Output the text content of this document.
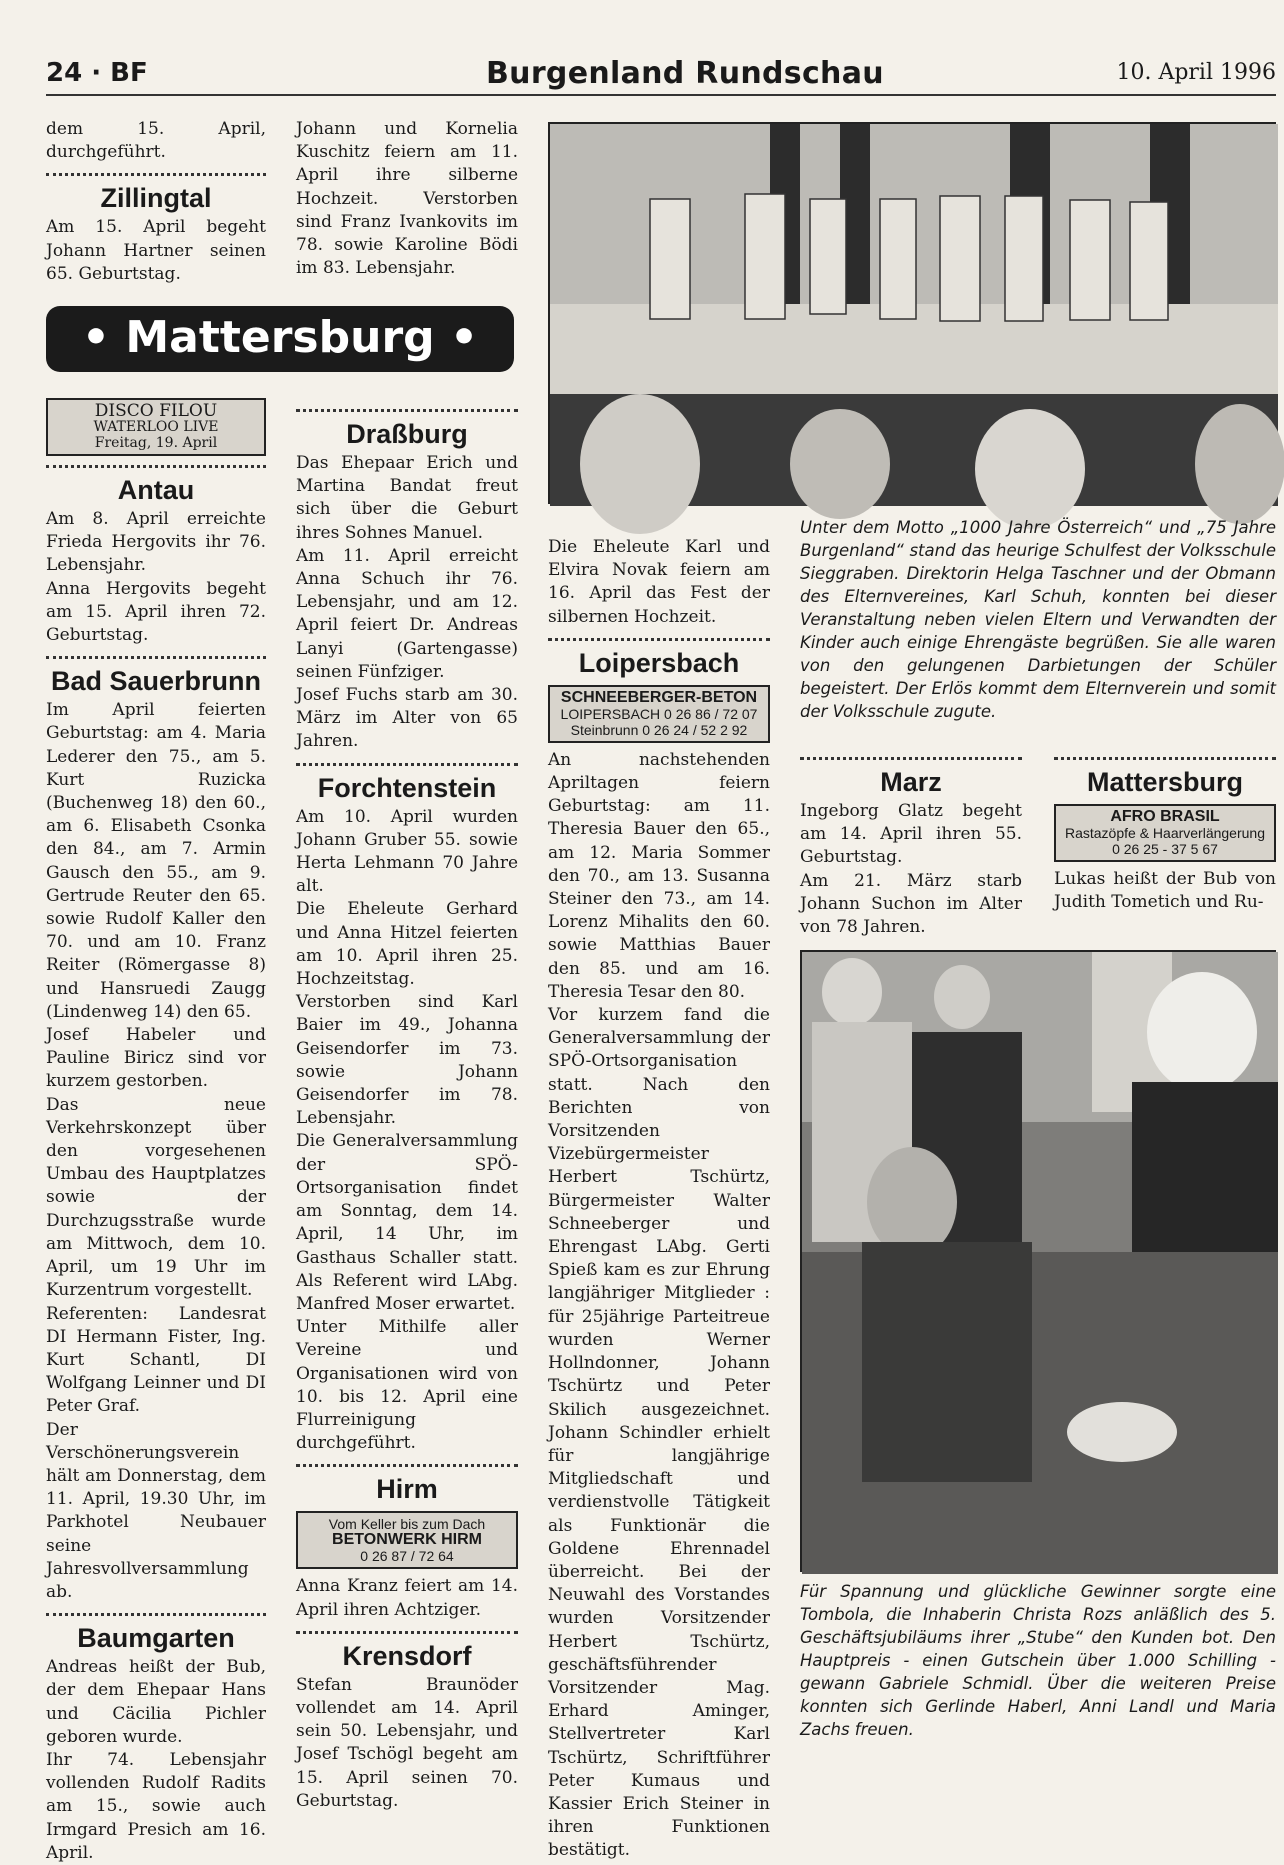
24 · BF	Burgenland Rundschau	10. April 1996

dem 15. April, durchgeführt.

Zillingtal

Am 15. April begeht Johann Hartner seinen 65. Geburtstag.

Johann und Kornelia Kuschitz feiern am 11. April ihre silberne Hochzeit. Verstorben sind Franz Ivankovits im 78. sowie Karoline Bödi im 83. Lebensjahr.

• Mattersburg •
DISCO FILOU
WATERLOO LIVE
Freitag, 19. April
Antau

Am 8. April erreichte Frieda Hergovits ihr 76. Lebensjahr.

Anna Hergovits begeht am 15. April ihren 72. Geburtstag.

Bad Sauerbrunn

Im April feierten Geburtstag: am 4. Maria Lederer den 75., am 5. Kurt Ruzicka (Buchenweg 18) den 60., am 6. Elisabeth Csonka den 84., am 7. Armin Gausch den 55., am 9. Gertrude Reuter den 65. sowie Rudolf Kaller den 70. und am 10. Franz Reiter (Römergasse 8) und Hansruedi Zaugg (Lindenweg 14) den 65.

Josef Habeler und Pauline Biricz sind vor kurzem gestorben.

Das neue Verkehrskonzept über den vorgesehenen Umbau des Hauptplatzes sowie der Durchzugsstraße wurde am Mittwoch, dem 10. April, um 19 Uhr im Kurzentrum vorgestellt.

Referenten: Landesrat DI Hermann Fister, Ing. Kurt Schantl, DI Wolfgang Leinner und DI Peter Graf.

Der Verschönerungsverein hält am Donnerstag, dem 11. April, 19.30 Uhr, im Parkhotel Neubauer seine Jahresvollversammlung ab.

Baumgarten

Andreas heißt der Bub, der dem Ehepaar Hans und Cäcilia Pichler geboren wurde.

Ihr 74. Lebensjahr vollenden Rudolf Radits am 15., sowie auch Irmgard Presich am 16. April.

Draßburg

Das Ehepaar Erich und Martina Bandat freut sich über die Geburt ihres Sohnes Manuel.

Am 11. April erreicht Anna Schuch ihr 76. Lebensjahr, und am 12. April feiert Dr. Andreas Lanyi (Gartengasse) seinen Fünfziger.

Josef Fuchs starb am 30. März im Alter von 65 Jahren.

Forchtenstein

Am 10. April wurden Johann Gruber 55. sowie Herta Lehmann 70 Jahre alt.

Die Eheleute Gerhard und Anna Hitzel feierten am 10. April ihren 25. Hochzeitstag.

Verstorben sind Karl Baier im 49., Johanna Geisendorfer im 73. sowie Johann Geisendorfer im 78. Lebensjahr.

Die Generalversammlung der SPÖ-Ortsorganisation findet am Sonntag, dem 14. April, 14 Uhr, im Gasthaus Schaller statt. Als Referent wird LAbg. Manfred Moser erwartet.

Unter Mithilfe aller Vereine und Organisationen wird von 10. bis 12. April eine Flurreinigung durchgeführt.

Hirm
Vom Keller bis zum Dach
BETONWERK HIRM
0 26 87 / 72 64

Anna Kranz feiert am 14. April ihren Achtziger.

Krensdorf

Stefan Braunöder vollendet am 14. April sein 50. Lebensjahr, und Josef Tschögl begeht am 15. April seinen 70. Geburtstag.

Unter dem Motto „1000 Jahre Österreich“ und „75 Jahre Burgenland“ stand das heurige Schulfest der Volksschule Sieggraben. Direktorin Helga Taschner und der Obmann des Elternvereines, Karl Schuh, konnten bei dieser Veranstaltung neben vielen Eltern und Verwandten der Kinder auch einige Ehrengäste begrüßen. Sie alle waren von den gelungenen Darbietungen der Schüler begeistert. Der Erlös kommt dem Elternverein und somit der Volksschule zugute.

Die Eheleute Karl und Elvira Novak feiern am 16. April das Fest der silbernen Hochzeit.

Loipersbach
SCHNEEBERGER-BETON
LOIPERSBACH 0 26 86 / 72 07
Steinbrunn 0 26 24 / 52 2 92

An nachstehenden Apriltagen feiern Geburtstag: am 11. Theresia Bauer den 65., am 12. Maria Sommer den 70., am 13. Susanna Steiner den 73., am 14. Lorenz Mihalits den 60. sowie Matthias Bauer den 85. und am 16. Theresia Tesar den 80.

Vor kurzem fand die Generalversammlung der SPÖ-Ortsorganisation statt. Nach den Berichten von Vorsitzenden Vizebürgermeister Herbert Tschürtz, Bürgermeister Walter Schneeberger und Ehrengast LAbg. Gerti Spieß kam es zur Ehrung langjähriger Mitglieder : für 25jährige Parteitreue wurden Werner Hollndonner, Johann Tschürtz und Peter Skilich ausgezeichnet. Johann Schindler erhielt für langjährige Mitgliedschaft und verdienstvolle Tätigkeit als Funktionär die Goldene Ehrennadel überreicht. Bei der Neuwahl des Vorstandes wurden Vorsitzender Herbert Tschürtz, geschäftsführender Vorsitzender Mag. Erhard Aminger, Stellvertreter Karl Tschürtz, Schriftführer Peter Kumaus und Kassier Erich Steiner in ihren Funktionen bestätigt.

Marz

Ingeborg Glatz begeht am 14. April ihren 55. Geburtstag.

Am 21. März starb Johann Suchon im Alter von 78 Jahren.

Mattersburg
AFRO BRASIL
Rastazöpfe & Haarverlängerung
0 26 25 - 37 5 67

Lukas heißt der Bub von Judith Tometich und Ru-

Für Spannung und glückliche Gewinner sorgte eine Tombola, die Inhaberin Christa Rozs anläßlich des 5. Geschäftsjubiläums ihrer „Stube“ den Kunden bot. Den Hauptpreis - einen Gutschein über 1.000 Schilling - gewann Gabriele Schmidl. Über die weiteren Preise konnten sich Gerlinde Haberl, Anni Landl und Maria Zachs freuen.
